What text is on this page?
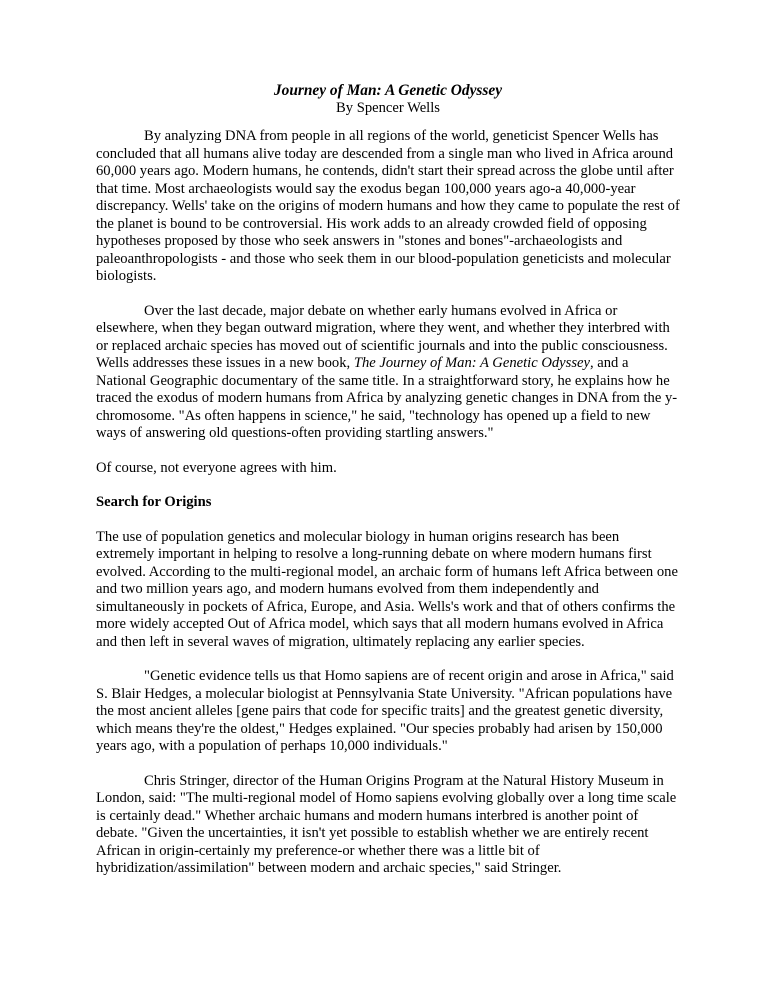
Journey of Man: A Genetic Odyssey
By Spencer Wells

By analyzing DNA from people in all regions of the world, geneticist Spencer Wells has concluded that all humans alive today are descended from a single man who lived in Africa around 60,000 years ago. Modern humans, he contends, didn't start their spread across the globe until after that time. Most archaeologists would say the exodus began 100,000 years ago-a 40,000-year discrepancy. Wells' take on the origins of modern humans and how they came to populate the rest of the planet is bound to be controversial. His work adds to an already crowded field of opposing hypotheses proposed by those who seek answers in "stones and bones"-archaeologists and paleoanthropologists - and those who seek them in our blood-population geneticists and molecular biologists.

Over the last decade, major debate on whether early humans evolved in Africa or elsewhere, when they began outward migration, where they went, and whether they interbred with or replaced archaic species has moved out of scientific journals and into the public consciousness. Wells addresses these issues in a new book, The Journey of Man: A Genetic Odyssey, and a National Geographic documentary of the same title. In a straightforward story, he explains how he traced the exodus of modern humans from Africa by analyzing genetic changes in DNA from the y-chromosome. "As often happens in science," he said, "technology has opened up a field to new ways of answering old questions-often providing startling answers."

Of course, not everyone agrees with him.

Search for Origins

The use of population genetics and molecular biology in human origins research has been extremely important in helping to resolve a long-running debate on where modern humans first evolved. According to the multi-regional model, an archaic form of humans left Africa between one and two million years ago, and modern humans evolved from them independently and simultaneously in pockets of Africa, Europe, and Asia. Wells's work and that of others confirms the more widely accepted Out of Africa model, which says that all modern humans evolved in Africa and then left in several waves of migration, ultimately replacing any earlier species.

"Genetic evidence tells us that Homo sapiens are of recent origin and arose in Africa," said S. Blair Hedges, a molecular biologist at Pennsylvania State University. "African populations have the most ancient alleles [gene pairs that code for specific traits] and the greatest genetic diversity, which means they're the oldest," Hedges explained. "Our species probably had arisen by 150,000 years ago, with a population of perhaps 10,000 individuals."

Chris Stringer, director of the Human Origins Program at the Natural History Museum in London, said: "The multi-regional model of Homo sapiens evolving globally over a long time scale is certainly dead." Whether archaic humans and modern humans interbred is another point of debate. "Given the uncertainties, it isn't yet possible to establish whether we are entirely recent African in origin-certainly my preference-or whether there was a little bit of hybridization/assimilation" between modern and archaic species," said Stringer.
